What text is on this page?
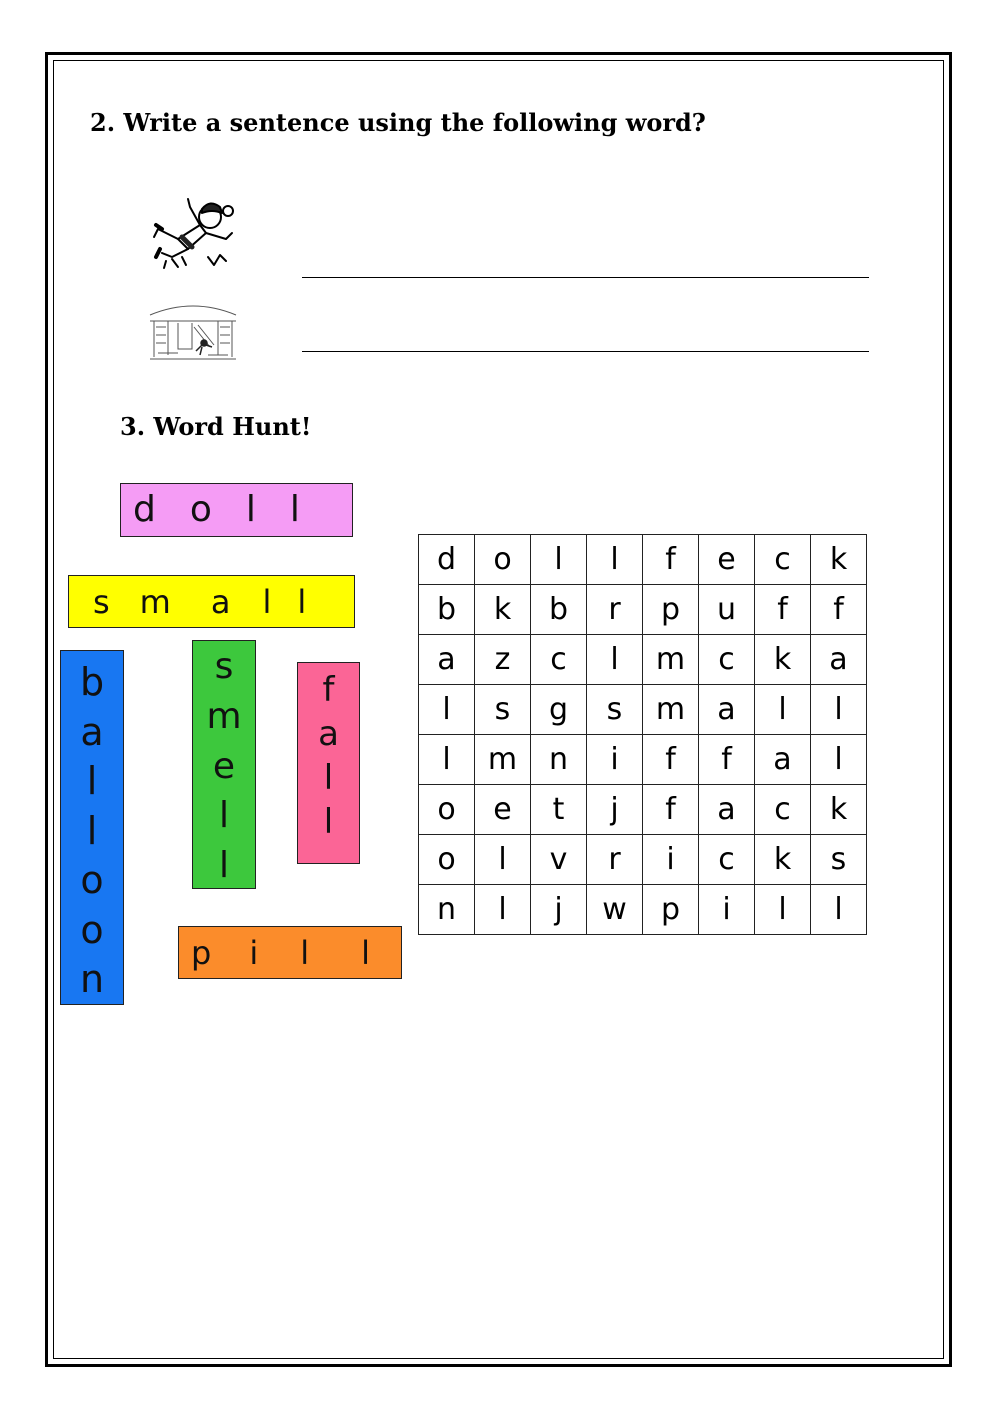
2. Write a sentence using the following word?
3. Word Hunt!
d o l l
s m a l l
b
a
l
l
o
o
n
s
m
e
l
l
f
a
l
l
p i l l
d	o	l	l	f	e	c	k
b	k	b	r	p	u	f	f
a	z	c	l	m	c	k	a
l	s	g	s	m	a	l	l
l	m	n	i	f	f	a	l
o	e	t	j	f	a	c	k
o	l	v	r	i	c	k	s
n	l	j	w	p	i	l	l
